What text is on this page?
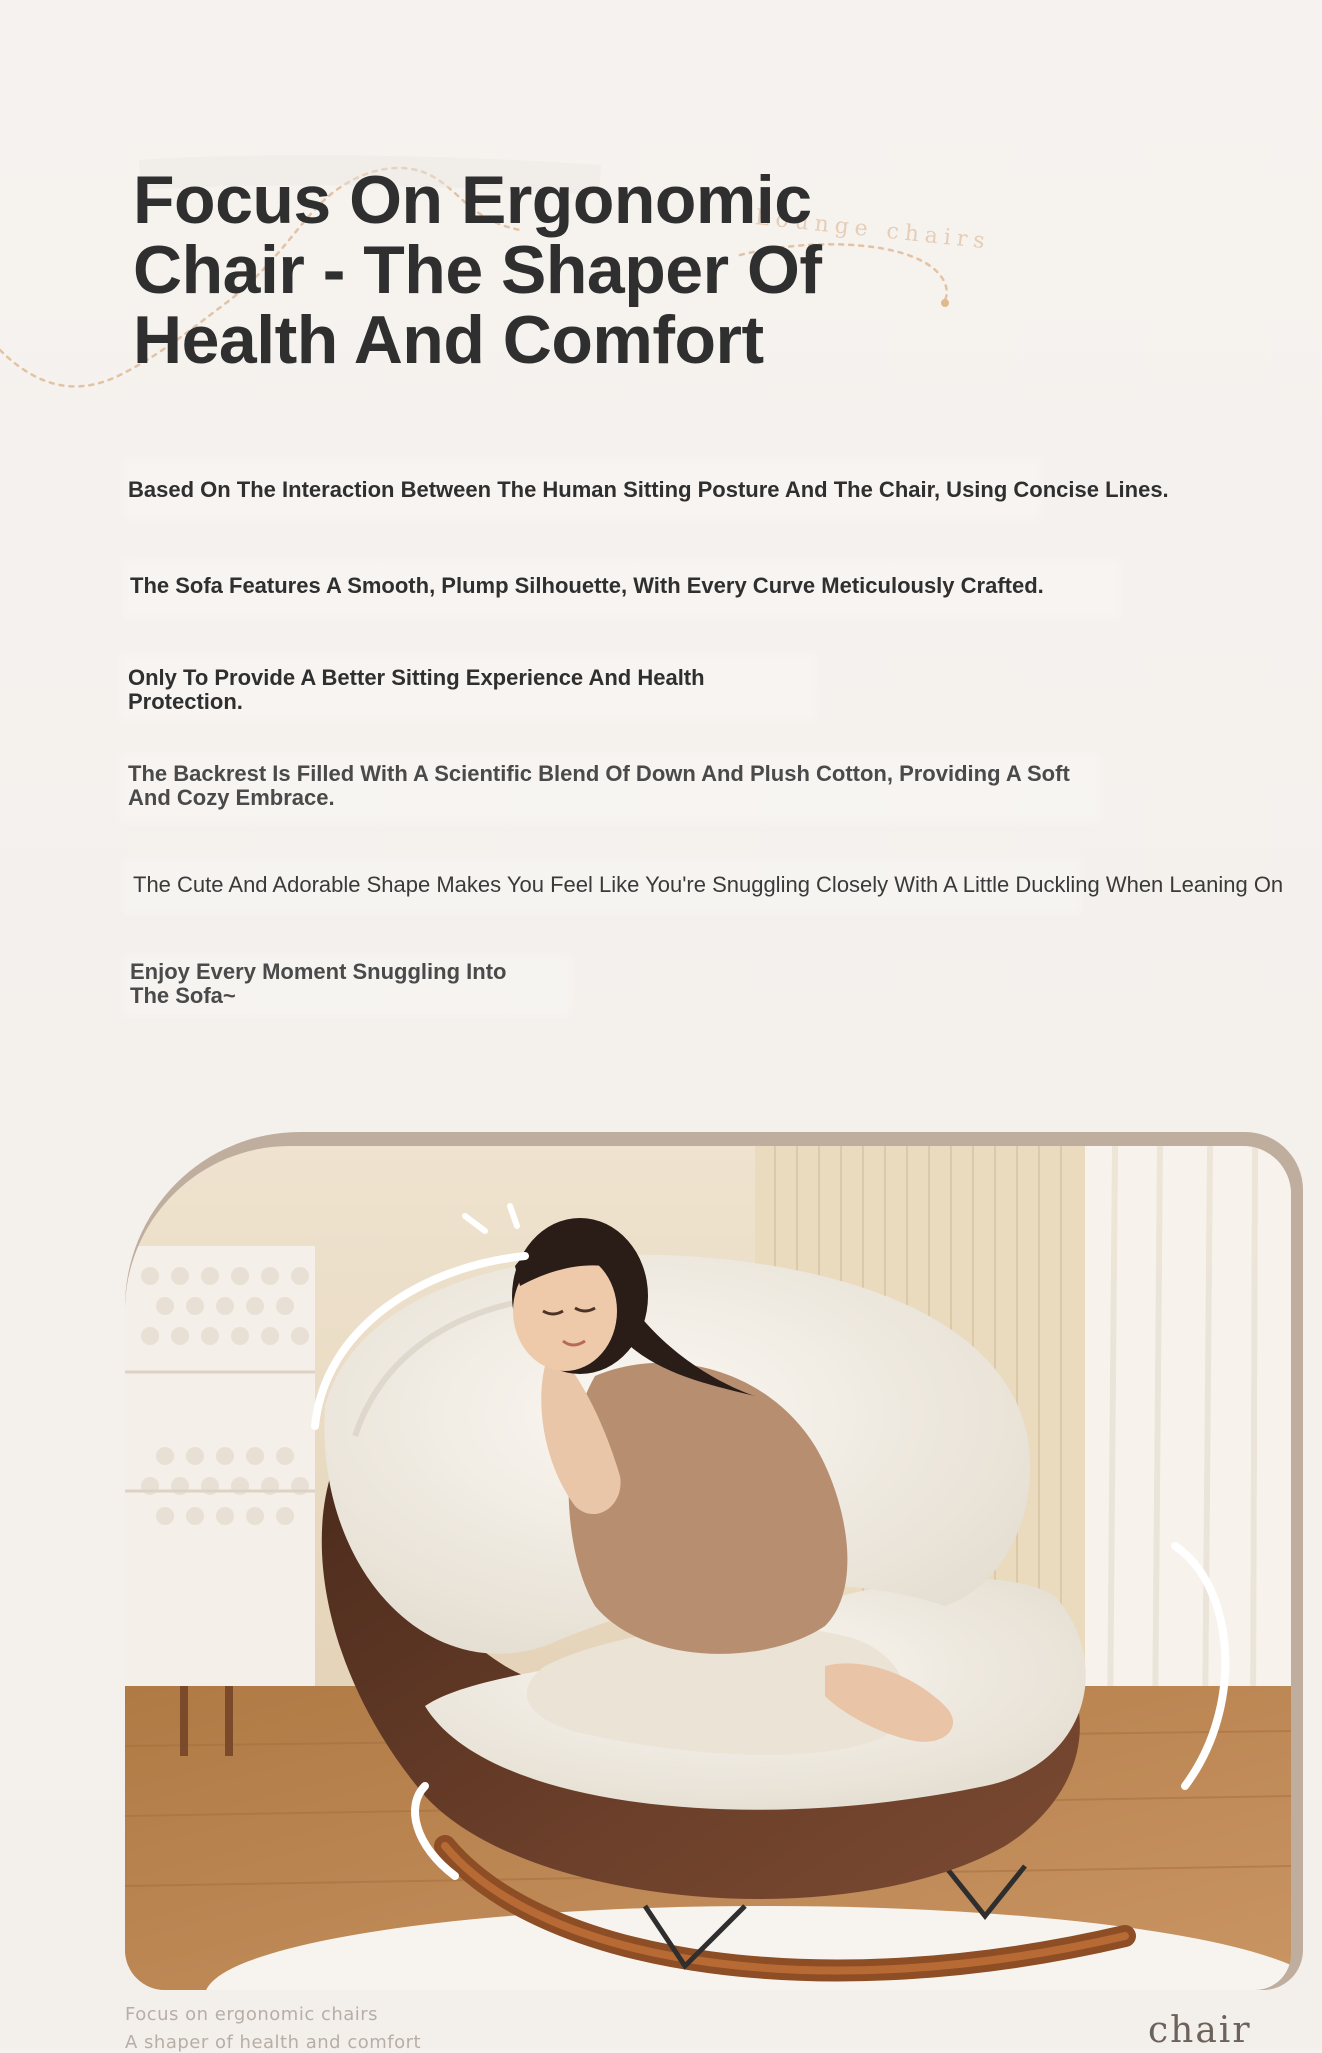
Lounge chairs
Focus On Ergonomic Chair - The Shaper Of Health And Comfort

Based On The Interaction Between The Human Sitting Posture And The Chair, Using Concise Lines.

The Sofa Features A Smooth, Plump Silhouette, With Every Curve Meticulously Crafted.

Only To Provide A Better Sitting Experience And Health Protection.

The Backrest Is Filled With A Scientific Blend Of Down And Plush Cotton, Providing A Soft And Cozy Embrace.

The Cute And Adorable Shape Makes You Feel Like You're Snuggling Closely With A Little Duckling When Leaning On

Enjoy Every Moment Snuggling Into The Sofa~

Focus on ergonomic chairs

A shaper of health and comfort	chair
